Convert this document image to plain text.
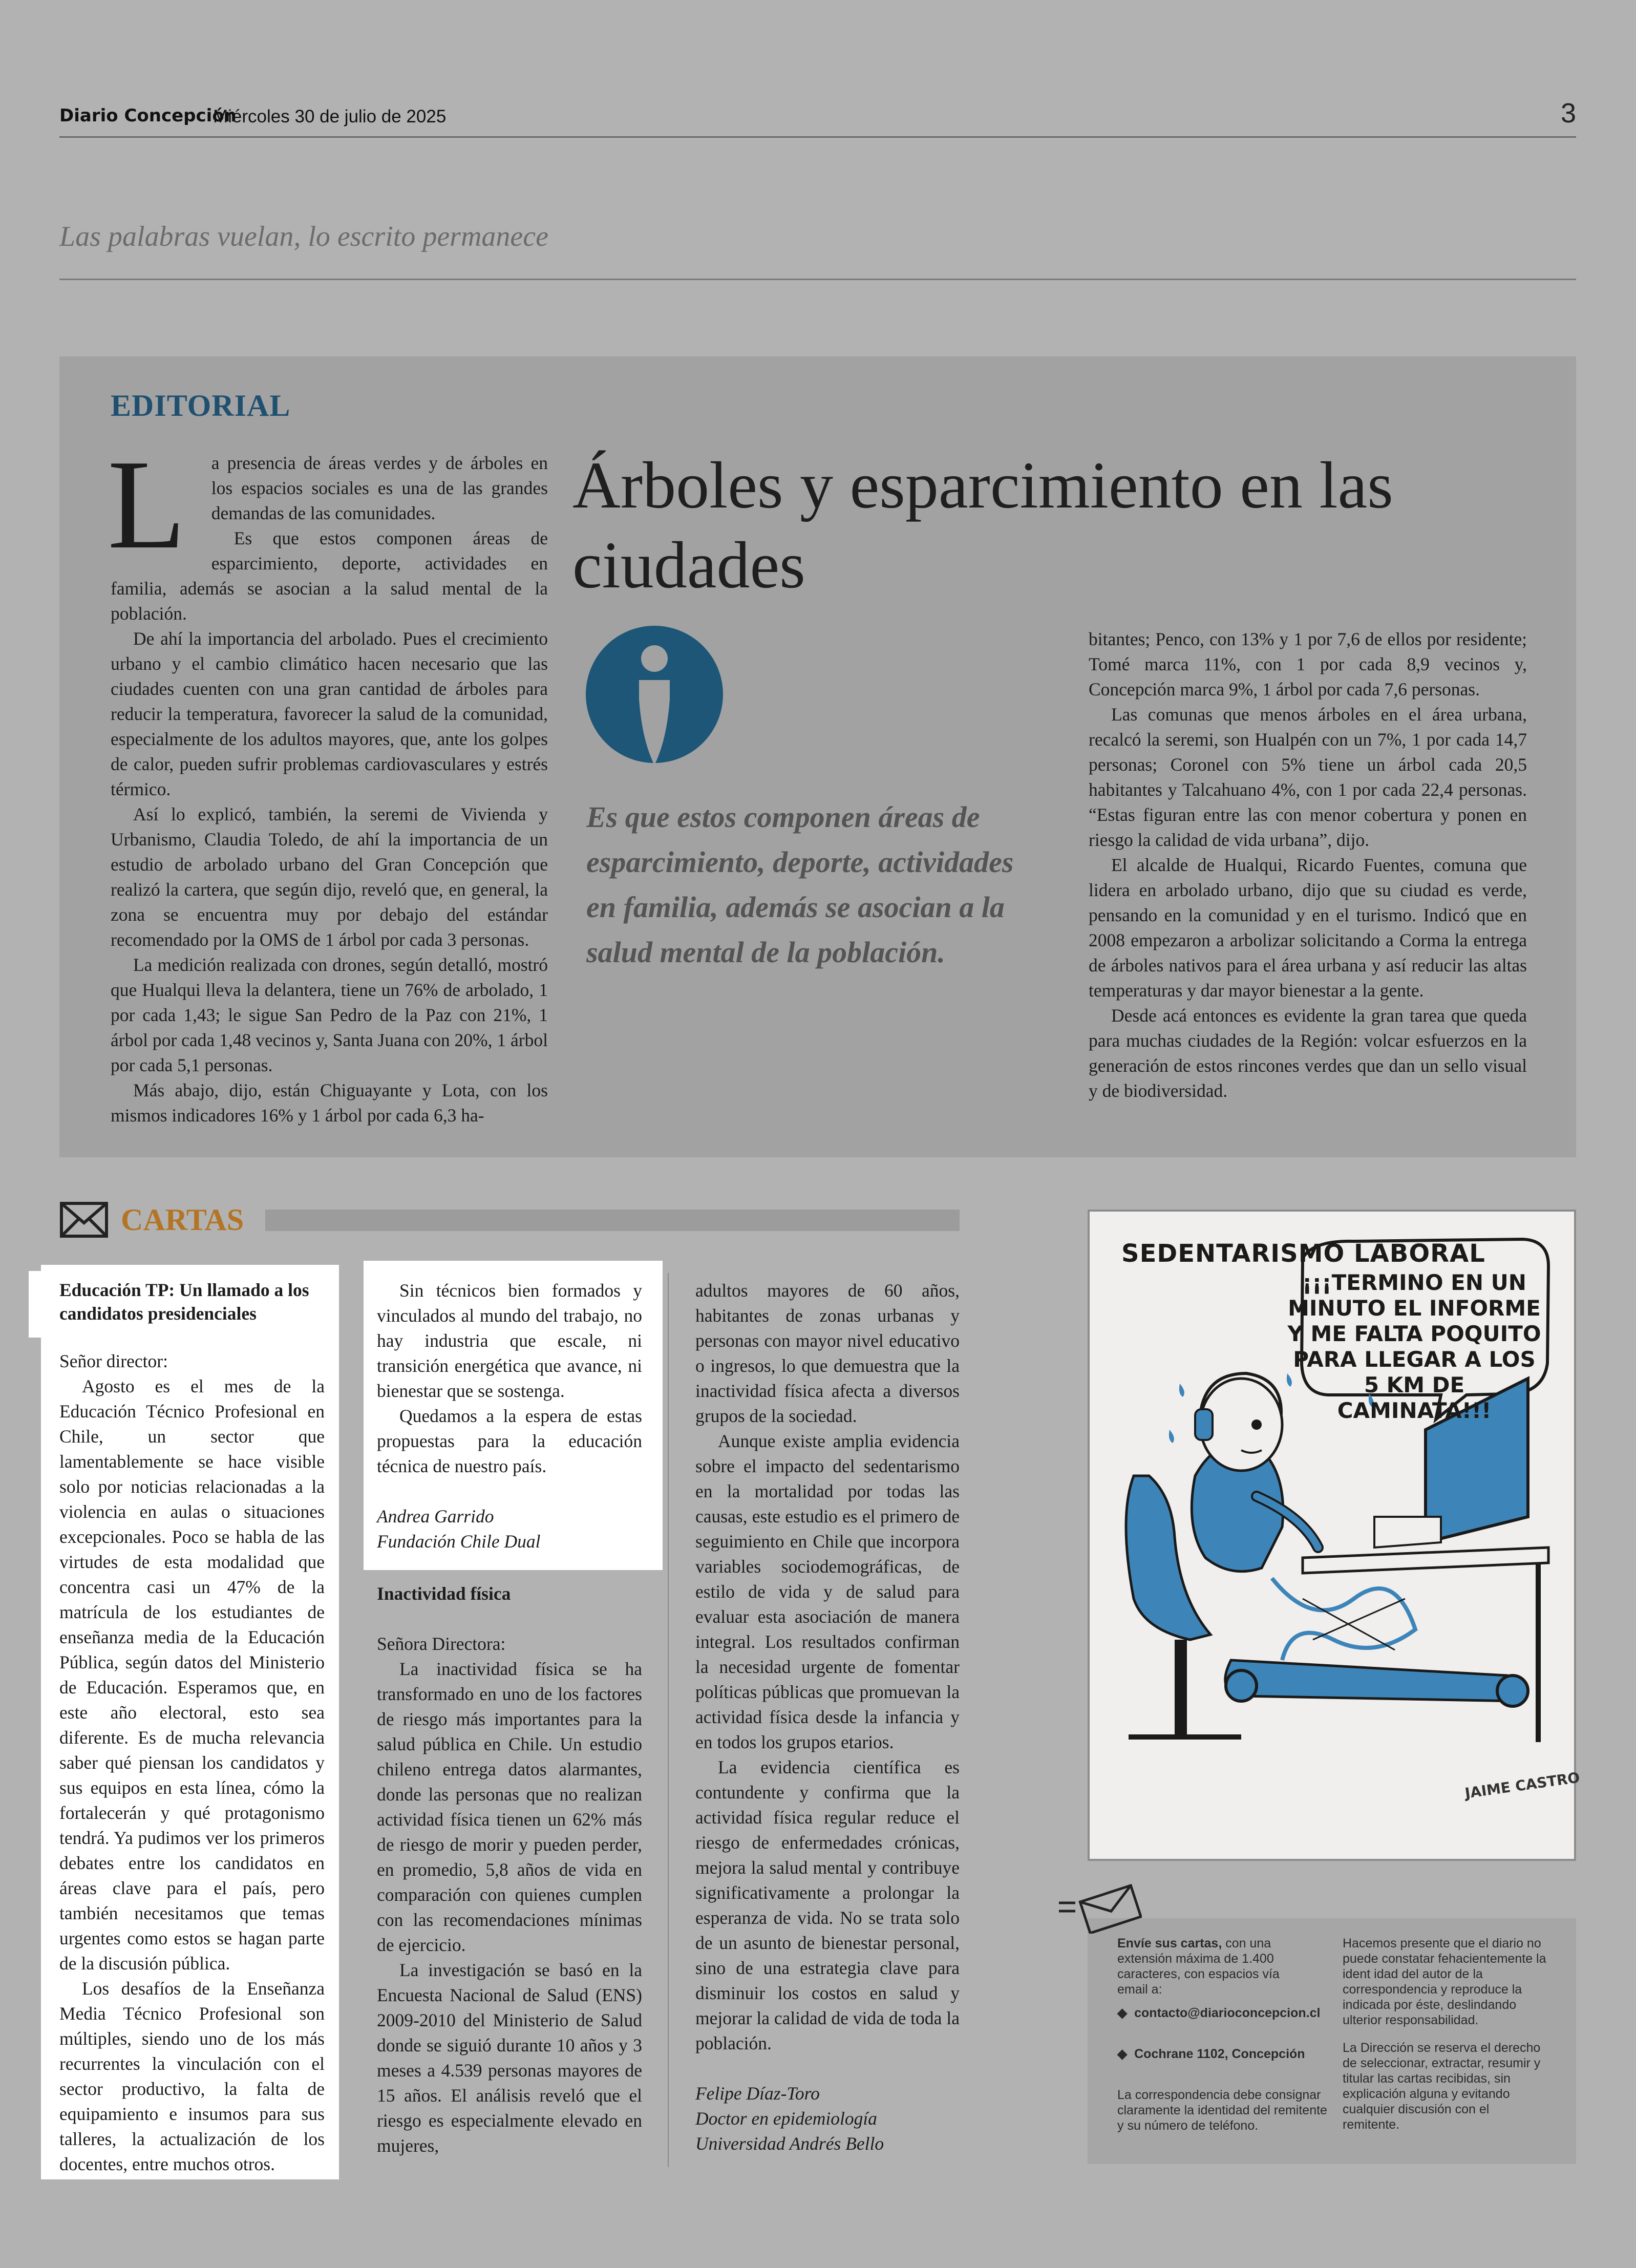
Diario Concepción
Miércoles 30 de julio de 2025	3
Las palabras vuelan, lo escrito permanece
EDITORIAL
L	a presencia de áreas verdes y de árboles en los espacios sociales es una de las grandes demandas de las comunidades.

Es que estos componen áreas de esparcimiento, deporte, actividades en familia, además se asocian a la salud mental de la población.

De ahí la importancia del arbolado. Pues el crecimiento urbano y el cambio climático hacen necesario que las ciudades cuenten con una gran cantidad de árboles para reducir la temperatura, favorecer la salud de la comunidad, especialmente de los adultos mayores, que, ante los golpes de calor, pueden sufrir problemas cardiovasculares y estrés térmico.

Así lo explicó, también, la seremi de Vivienda y Urbanismo, Claudia Toledo, de ahí la importancia de un estudio de arbolado urbano del Gran Concepción que realizó la cartera, que según dijo, reveló que, en general, la zona se encuentra muy por debajo del estándar recomendado por la OMS de 1 árbol por cada 3 personas.

La medición realizada con drones, según detalló, mostró que Hualqui lleva la delantera, tiene un 76% de arbolado, 1 por cada 1,43; le sigue San Pedro de la Paz con 21%, 1 árbol por cada 1,48 vecinos y, Santa Juana con 20%, 1 árbol por cada 5,1 personas.

Más abajo, dijo, están Chiguayante y Lota, con los mismos indicadores 16% y 1 árbol por cada 6,3 ha-

Árboles y esparcimiento en las ciudades
Es que estos componen áreas de esparcimiento, deporte, actividades en familia, además se asocian a la salud mental de la población.

bitantes; Penco, con 13% y 1 por 7,6 de ellos por residente; Tomé marca 11%, con 1 por cada 8,9 vecinos y, Concepción marca 9%, 1 árbol por cada 7,6 personas.

Las comunas que menos árboles en el área urbana, recalcó la seremi, son Hualpén con un 7%, 1 por cada 14,7 personas; Coronel con 5% tiene un árbol cada 20,5 habitantes y Talcahuano 4%, con 1 por cada 22,4 personas. “Estas figuran entre las con menor cobertura y ponen en riesgo la calidad de vida urbana”, dijo.

El alcalde de Hualqui, Ricardo Fuentes, comuna que lidera en arbolado urbano, dijo que su ciudad es verde, pensando en la comunidad y en el turismo. Indicó que en 2008 empezaron a arbolizar solicitando a Corma la entrega de árboles nativos para el área urbana y así reducir las altas temperaturas y dar mayor bienestar a la gente.

Desde acá entonces es evidente la gran tarea que queda para muchas ciudades de la Región: volcar esfuerzos en la generación de estos rincones verdes que dan un sello visual y de biodiversidad.

CARTAS

Educación TP: Un llamado a los candidatos presidenciales

Señor director:

Agosto es el mes de la Educación Técnico Profesional en Chile, un sector que lamentablemente se hace visible solo por noticias relacionadas a la violencia en aulas o situaciones excepcionales. Poco se habla de las virtudes de esta modalidad que concentra casi un 47% de la matrícula de los estudiantes de enseñanza media de la Educación Pública, según datos del Ministerio de Educación. Esperamos que, en este año electoral, esto sea diferente. Es de mucha relevancia saber qué piensan los candidatos y sus equipos en esta línea, cómo la fortalecerán y qué protagonismo tendrá. Ya pudimos ver los primeros debates entre los candidatos en áreas clave para el país, pero también necesitamos que temas urgentes como estos se hagan parte de la discusión pública.

Los desafíos de la Enseñanza Media Técnico Profesional son múltiples, siendo uno de los más recurrentes la vinculación con el sector productivo, la falta de equipamiento e insumos para sus talleres, la actualización de los docentes, entre muchos otros.

Sin técnicos bien formados y vinculados al mundo del trabajo, no hay industria que escale, ni transición energética que avance, ni bienestar que se sostenga.

Quedamos a la espera de estas propuestas para la educación técnica de nuestro país.

Andrea Garrido

Fundación Chile Dual

Inactividad física

Señora Directora:

La inactividad física se ha transformado en uno de los factores de riesgo más importantes para la salud pública en Chile. Un estudio chileno entrega datos alarmantes, donde las personas que no realizan actividad física tienen un 62% más de riesgo de morir y pueden perder, en promedio, 5,8 años de vida en comparación con quienes cumplen con las recomendaciones mínimas de ejercicio.

La investigación se basó en la Encuesta Nacional de Salud (ENS) 2009-2010 del Ministerio de Salud donde se siguió durante 10 años y 3 meses a 4.539 personas mayores de 15 años. El análisis reveló que el riesgo es especialmente elevado en mujeres,

adultos mayores de 60 años, habitantes de zonas urbanas y personas con mayor nivel educativo o ingresos, lo que demuestra que la inactividad física afecta a diversos grupos de la sociedad.

Aunque existe amplia evidencia sobre el impacto del sedentarismo en la mortalidad por todas las causas, este estudio es el primero de seguimiento en Chile que incorpora variables sociodemográficas, de estilo de vida y de salud para evaluar esta asociación de manera integral. Los resultados confirman la necesidad urgente de fomentar políticas públicas que promuevan la actividad física desde la infancia y en todos los grupos etarios.

La evidencia científica es contundente y confirma que la actividad física regular reduce el riesgo de enfermedades crónicas, mejora la salud mental y contribuye significativamente a prolongar la esperanza de vida. No se trata solo de un asunto de bienestar personal, sino de una estrategia clave para disminuir los costos en salud y mejorar la calidad de vida de toda la población.

Felipe Díaz-Toro

Doctor en epidemiología

Universidad Andrés Bello

SEDENTARISMO LABORAL
¡¡¡TERMINO EN UN MINUTO EL INFORME Y ME FALTA POQUITO PARA LLEGAR A LOS 5 KM DE CAMINATA!!!
JAIME CASTRO
Envíe sus cartas, con una extensión máxima de 1.400 caracteres, con espacios vía email a:
◆  contacto@diarioconcepcion.cl
◆  Cochrane 1102, Concepción
La correspondencia debe consignar claramente la identidad del remitente y su número de teléfono.
Hacemos presente que el diario no puede constatar fehacientemente la ident idad del autor de la correspondencia y reproduce la indicada por éste, deslindando ulterior responsabilidad.
La Dirección se reserva el derecho de seleccionar, extractar, resumir y titular las cartas recibidas, sin explicación alguna y evitando cualquier discusión con el remitente.
